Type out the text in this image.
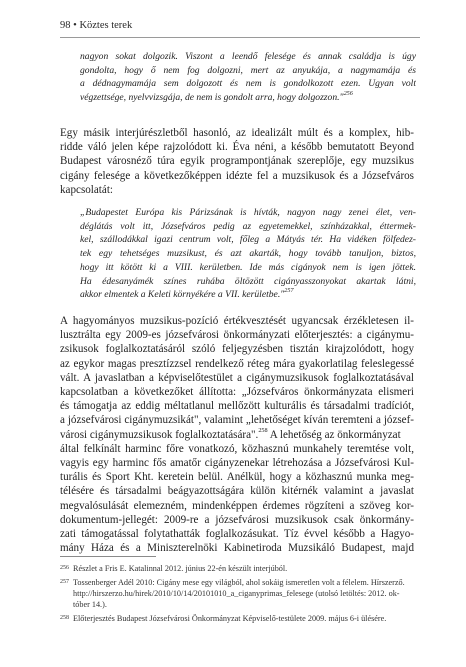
98 • Köztes terek
nagyon sokat dolgozik. Viszont a leendő felesége és annak családja is úgy
gondolta, hogy ő nem fog dolgozni, mert az anyukája, a nagymamája és
a dédnagymamája sem dolgozott és nem is gondolkozott ezen. Ugyan volt
végzettsége, nyelvvizsgája, de nem is gondolt arra, hogy dolgozzon."$^{256}$
Egy másik interjúrészletből hasonló, az idealizált múlt és a komplex, hib-
ridde váló jelen képe rajzolódott ki. Éva néni, a később bemutatott Beyond
Budapest városnéző túra egyik programpontjának szereplője, egy muzsikus
cigány felesége a következőképpen idézte fel a muzsikusok és a Józsefváros
kapcsolatát:
„Budapestet Európa kis Párizsának is hívták, nagyon nagy zenei élet, ven-
déglátás volt itt, Józsefváros pedig az egyetemekkel, színházakkal, éttermek-
kel, szállodákkal igazi centrum volt, főleg a Mátyás tér. Ha vidéken fölfedez-
tek egy tehetséges muzsikust, és azt akarták, hogy tovább tanuljon, biztos,
hogy itt kötött ki a VIII. kerületben. Ide más cigányok nem is igen jöttek.
Ha édesanyámék színes ruhába öltözött cigányasszonyokat akartak látni,
akkor elmentek a Keleti környékére a VII. kerületbe."$^{257}$
A hagyományos muzsikus-pozíció értékvesztését ugyancsak érzékletesen il-
lusztrálta egy 2009-es józsefvárosi önkormányzati előterjesztés: a cigánymu-
zsikusok foglalkoztatásáról szóló feljegyzésben tisztán kirajzolódott, hogy
az egykor magas presztízzsel rendelkező réteg mára gyakorlatilag feleslegessé
vált. A javaslatban a képviselőtestület a cigánymuzsikusok foglalkoztatásával
kapcsolatban a következőket állította: „Józsefváros önkormányzata elismeri
és támogatja az eddig méltatlanul mellőzött kulturális és társadalmi tradíciót,
a józsefvárosi cigánymuzsikát", valamint „lehetőséget kíván teremteni a józsef-
városi cigánymuzsikusok foglalkoztatására".$^{258}$ A lehetőség az önkormányzat
által felkínált harminc főre vonatkozó, közhasznú munkahely teremtése volt,
vagyis egy harminc fős amatőr cigányzenekar létrehozása a Józsefvárosi Kul-
turális és Sport Kht. keretein belül. Anélkül, hogy a közhasznú munka meg-
télésére és társadalmi beágyazottságára külön kitérnék valamint a javaslat
megvalósulását elemezném, mindenképpen érdemes rögzíteni a szöveg kor-
dokumentum-jellegét: 2009-re a józsefvárosi muzsikusok csak önkormány-
zati támogatással folytathatták foglalkozásukat. Tíz évvel később a Hagyo-
mány Háza és a Miniszterelnöki Kabinetiroda Muzsikáló Budapest, majd
256 Részlet a Fris E. Katalinnal 2012. június 22-én készült interjúból.
257 Tossenberger Adél 2010: Cigány mese egy világból, ahol sokáig ismeretlen volt a félelem. Hírszerző.
http://hirszerzo.hu/hirek/2010/10/14/20101010_a_ciganyprimas_felesege (utolsó letöltés: 2012. ok-
tóber 14.).
258 Előterjesztés Budapest Józsefvárosi Önkormányzat Képviselő-testülete 2009. május 6-i ülésére.
